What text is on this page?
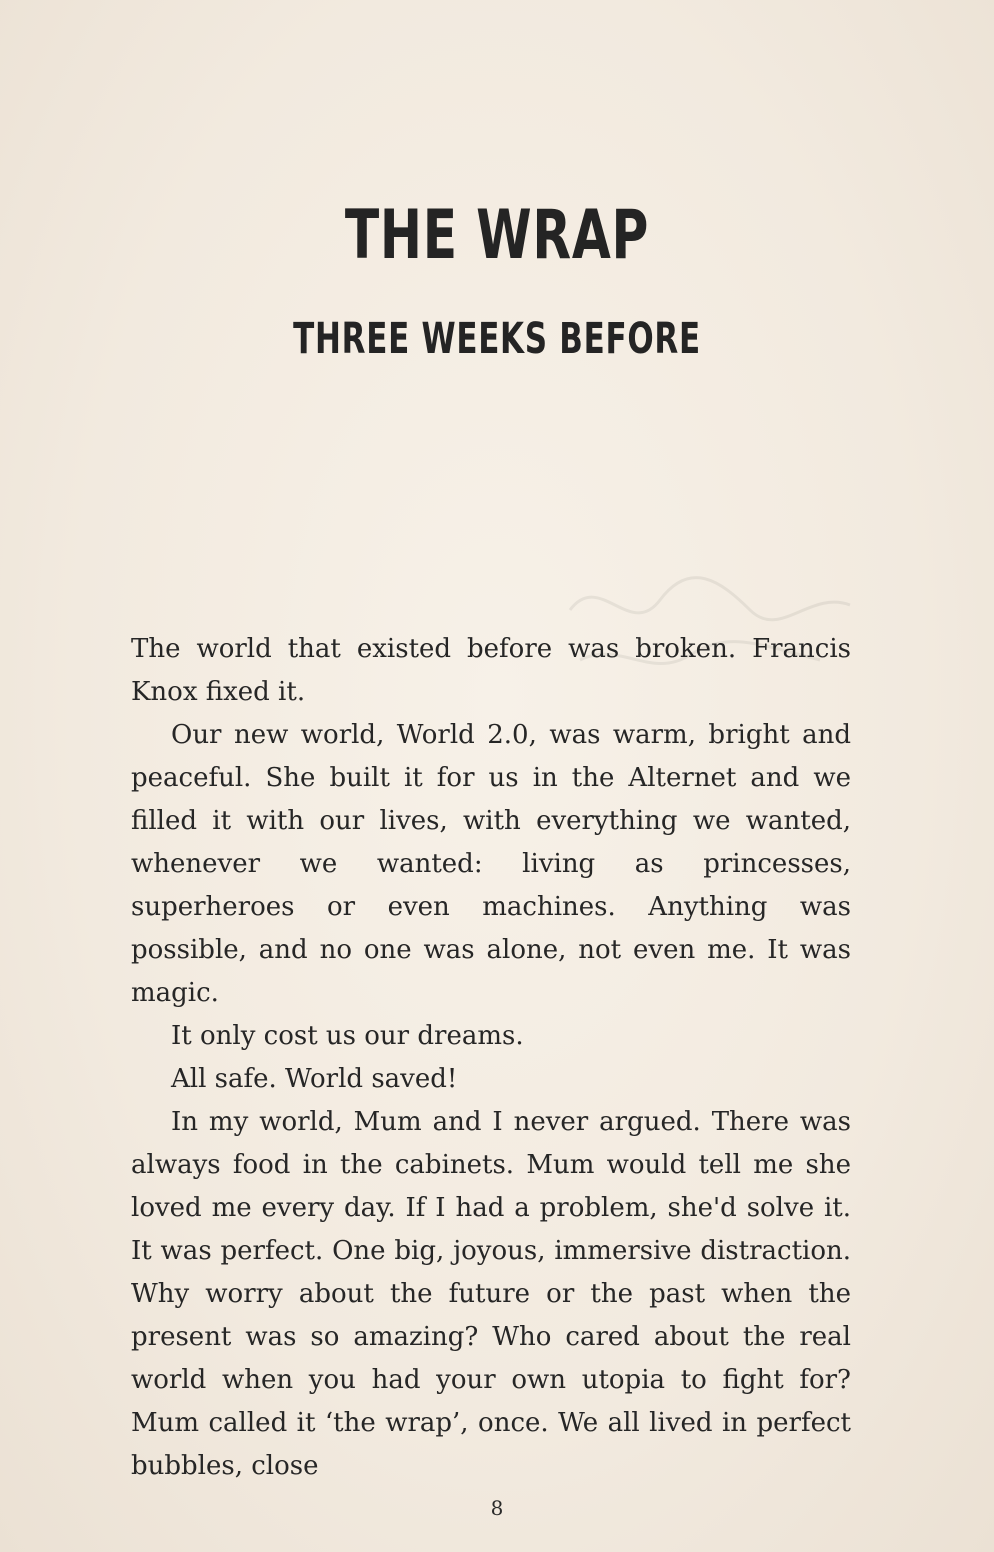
THE WRAP
THREE WEEKS BEFORE

The world that existed before was broken. Francis Knox fixed it.

Our new world, World 2.0, was warm, bright and peaceful. She built it for us in the Alternet and we filled it with our lives, with everything we wanted, whenever we wanted: living as princesses, superheroes or even machines. Anything was possible, and no one was alone, not even me. It was magic.

It only cost us our dreams.

All safe. World saved!

In my world, Mum and I never argued. There was always food in the cabinets. Mum would tell me she loved me every day. If I had a problem, she'd solve it. It was perfect. One big, joyous, immersive distraction. Why worry about the future or the past when the present was so amazing? Who cared about the real world when you had your own utopia to fight for? Mum called it ‘the wrap’, once. We all lived in perfect bubbles, close

8
